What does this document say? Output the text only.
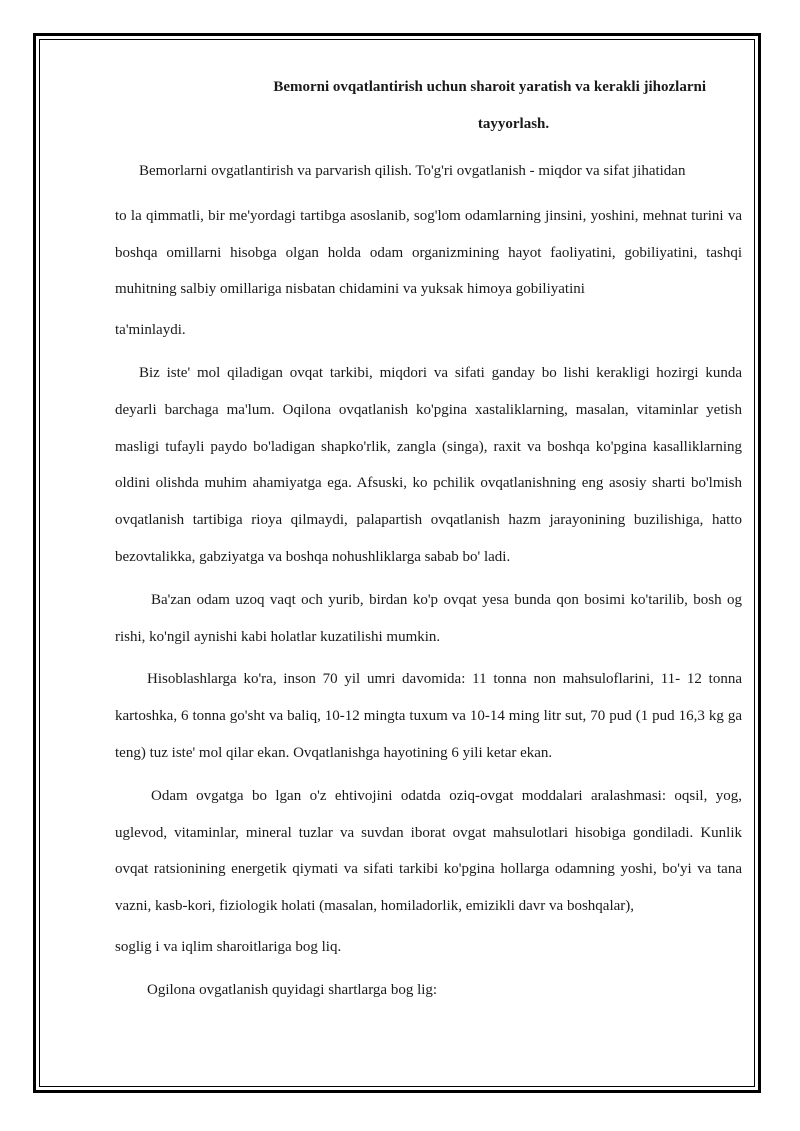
Bemorni ovqatlantirish uchun sharoit yaratish va kerakli jihozlarni

tayyorlash.

Bemorlarni ovgatlantirish va parvarish qilish. To'g'ri ovgatlanish - miqdor va sifat jihatidan

to la qimmatli, bir me'yordagi tartibga asoslanib, sog'lom odamlarning jinsini, yoshini, mehnat turini va boshqa omillarni hisobga olgan holda odam organizmining hayot faoliyatini, gobiliyatini, tashqi muhitning salbiy omillariga nisbatan chidamini va yuksak himoya gobiliyatini

ta'minlaydi.

Biz iste' mol qiladigan ovqat tarkibi, miqdori va sifati ganday bo lishi kerakligi hozirgi kunda deyarli barchaga ma'lum. Oqilona ovqatlanish ko'pgina xastaliklarning, masalan, vitaminlar yetish masligi tufayli paydo bo'ladigan shapko'rlik, zangla (singa), raxit va boshqa ko'pgina kasalliklarning oldini olishda muhim ahamiyatga ega. Afsuski, ko pchilik ovqatlanishning eng asosiy sharti bo'lmish ovqatlanish tartibiga rioya qilmaydi, palapartish ovqatlanish hazm jarayonining buzilishiga, hatto bezovtalikka, gabziyatga va boshqa nohushliklarga sabab bo' ladi.

Ba'zan odam uzoq vaqt och yurib, birdan ko'p ovqat yesa bunda qon bosimi ko'tarilib, bosh og rishi, ko'ngil aynishi kabi holatlar kuzatilishi mumkin.

Hisoblashlarga ko'ra, inson 70 yil umri davomida: 11 tonna non mahsuloflarini, 11- 12 tonna kartoshka, 6 tonna go'sht va baliq, 10-12 mingta tuxum va 10-14 ming litr sut, 70 pud (1 pud 16,3 kg ga teng) tuz iste' mol qilar ekan. Ovqatlanishga hayotining 6 yili ketar ekan.

Odam ovgatga bo lgan o'z ehtivojini odatda oziq-ovgat moddalari aralashmasi: oqsil, yog, uglevod, vitaminlar, mineral tuzlar va suvdan iborat ovgat mahsulotlari hisobiga gondiladi. Kunlik ovqat ratsionining energetik qiymati va sifati tarkibi ko'pgina hollarga odamning yoshi, bo'yi va tana vazni, kasb-kori, fiziologik holati (masalan, homiladorlik, emizikli davr va boshqalar),

soglig i va iqlim sharoitlariga bog liq.

Ogilona ovgatlanish quyidagi shartlarga bog lig:
